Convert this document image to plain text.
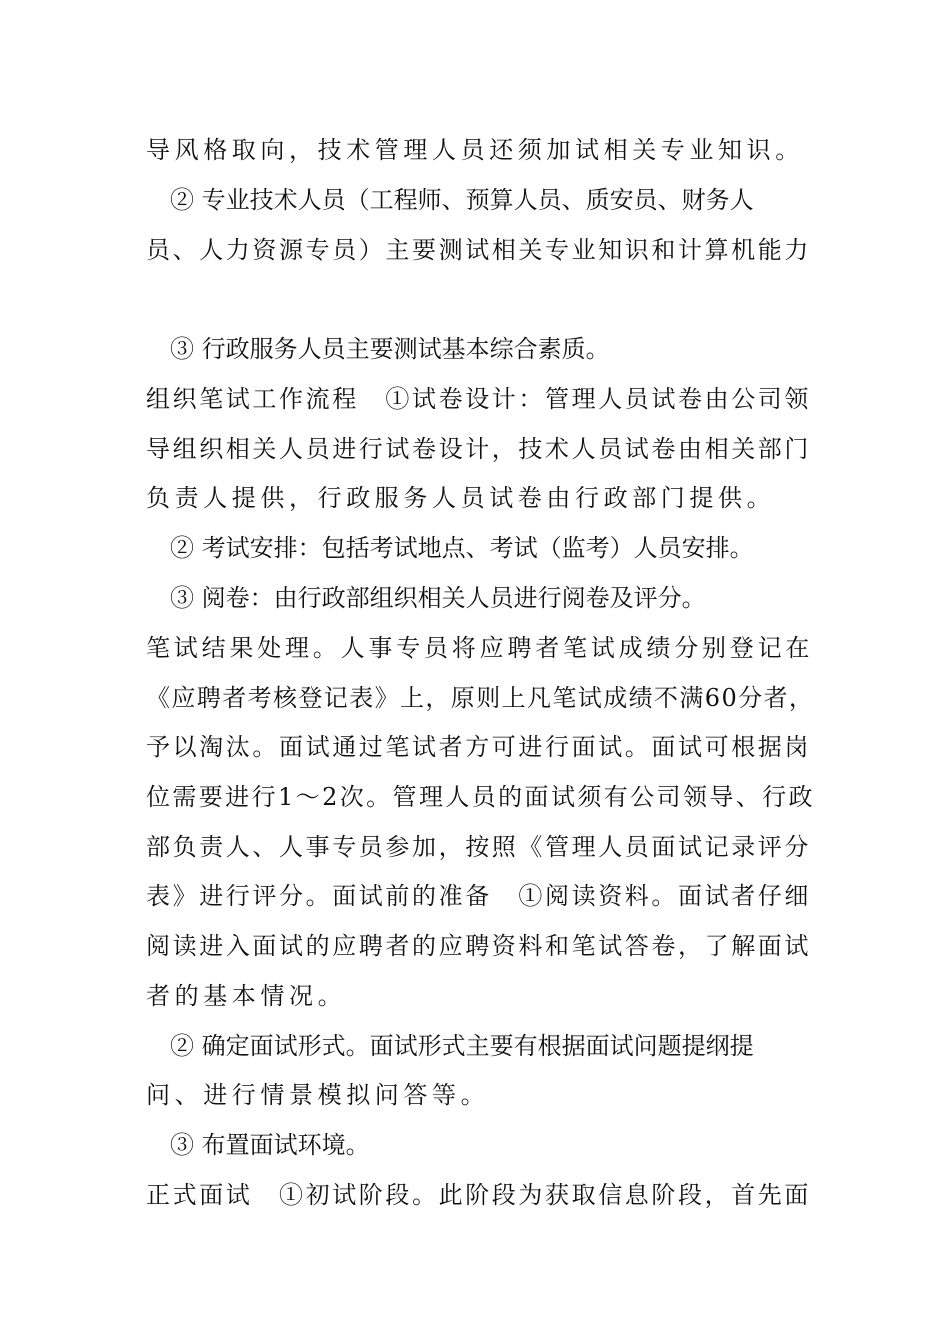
导风格取向，技术管理人员还须加试相关专业知识。
② 专业技术人员（工程师、预算人员、质安员、财务人
员、人力资源专员）主要测试相关专业知识和计算机能力
③ 行政服务人员主要测试基本综合素质。
组织笔试工作流程　①试卷设计：管理人员试卷由公司领
导组织相关人员进行试卷设计，技术人员试卷由相关部门
负责人提供，行政服务人员试卷由行政部门提供。
② 考试安排：包括考试地点、考试（监考）人员安排。
③ 阅卷：由行政部组织相关人员进行阅卷及评分。
笔试结果处理。人事专员将应聘者笔试成绩分别登记在
《应聘者考核登记表》上，原则上凡笔试成绩不满60分者，
予以淘汰。面试通过笔试者方可进行面试。面试可根据岗
位需要进行1～2次。管理人员的面试须有公司领导、行政
部负责人、人事专员参加，按照《管理人员面试记录评分
表》进行评分。面试前的准备　①阅读资料。面试者仔细
阅读进入面试的应聘者的应聘资料和笔试答卷，了解面试
者的基本情况。
② 确定面试形式。面试形式主要有根据面试问题提纲提
问、进行情景模拟问答等。
③ 布置面试环境。
正式面试　①初试阶段。此阶段为获取信息阶段，首先面
